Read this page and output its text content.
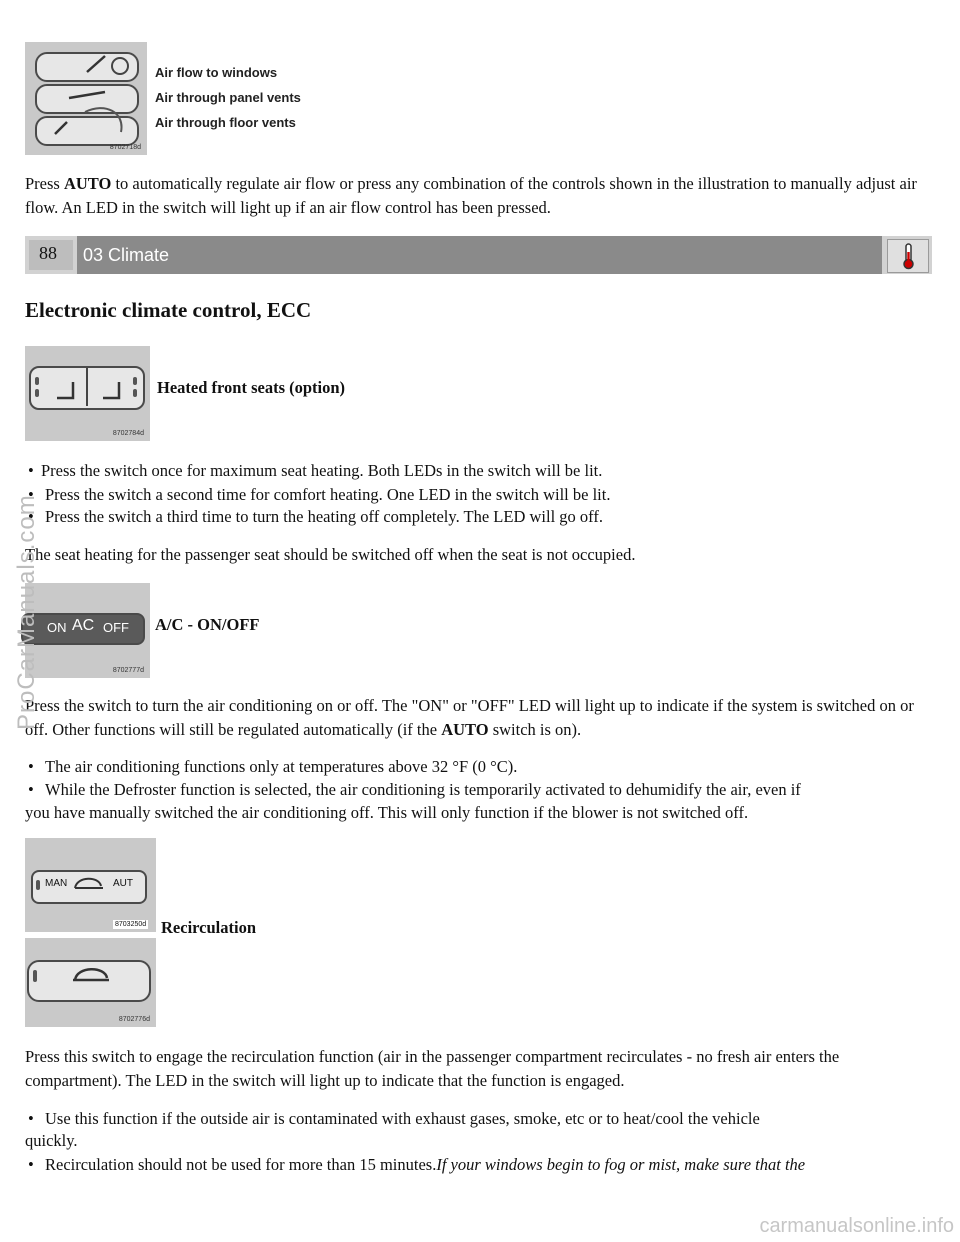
8702718d
Air flow to windows
Air through panel vents
Air through floor vents

Press AUTO to automatically regulate air flow or press any combination of the controls shown in the illustration to manually adjust air flow. An LED in the switch will light up if an air flow control has been pressed.

88 03 Climate
Electronic climate control, ECC
8702784d
Heated front seats (option)
• Press the switch once for maximum seat heating. Both LEDs in the switch will be lit.
• Press the switch a second time for comfort heating. One LED in the switch will be lit.
• Press the switch a third time to turn the heating off completely. The LED will go off.

The seat heating for the passenger seat should be switched off when the seat is not occupied.

ON AC OFF
8702777d
A/C - ON/OFF

Press the switch to turn the air conditioning on or off. The "ON" or "OFF" LED will light up to indicate if the system is switched on or off. Other functions will still be regulated automatically (if the AUTO switch is on).

• The air conditioning functions only at temperatures above 32 °F (0 °C).
• While the Defroster function is selected, the air conditioning is temporarily activated to dehumidify the air, even if

you have manually switched the air conditioning off. This will only function if the blower is not switched off.

MAN	AUT
8703250d
8702776d
Recirculation

Press this switch to engage the recirculation function (air in the passenger compartment recirculates - no fresh air enters the compartment). The LED in the switch will light up to indicate that the function is engaged.

• Use this function if the outside air is contaminated with exhaust gases, smoke, etc or to heat/cool the vehicle

quickly.

• Recirculation should not be used for more than 15 minutes.If your windows begin to fog or mist, make sure that the
ProCarManuals.com
carmanualsonline.info
